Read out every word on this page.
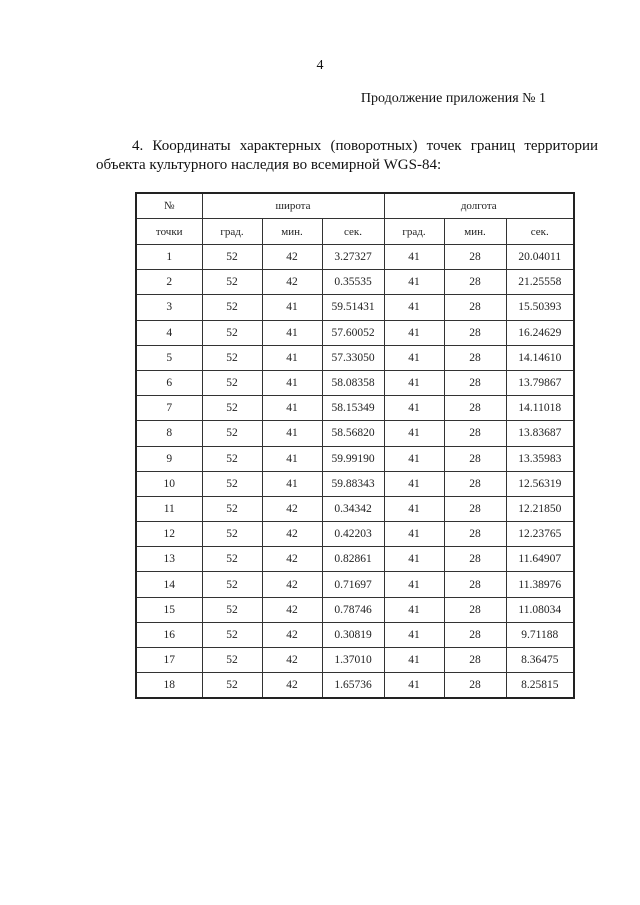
4
Продолжение приложения № 1
4. Координаты характерных (поворотных) точек границ территории
объекта культурного наследия во всемирной WGS-84:
№	широта			долгота		
точки	град.	мин.	сек.	град.	мин.	сек.
1	52	42	3.27327	41	28	20.04011
2	52	42	0.35535	41	28	21.25558
3	52	41	59.51431	41	28	15.50393
4	52	41	57.60052	41	28	16.24629
5	52	41	57.33050	41	28	14.14610
6	52	41	58.08358	41	28	13.79867
7	52	41	58.15349	41	28	14.11018
8	52	41	58.56820	41	28	13.83687
9	52	41	59.99190	41	28	13.35983
10	52	41	59.88343	41	28	12.56319
11	52	42	0.34342	41	28	12.21850
12	52	42	0.42203	41	28	12.23765
13	52	42	0.82861	41	28	11.64907
14	52	42	0.71697	41	28	11.38976
15	52	42	0.78746	41	28	11.08034
16	52	42	0.30819	41	28	9.71188
17	52	42	1.37010	41	28	8.36475
18	52	42	1.65736	41	28	8.25815
